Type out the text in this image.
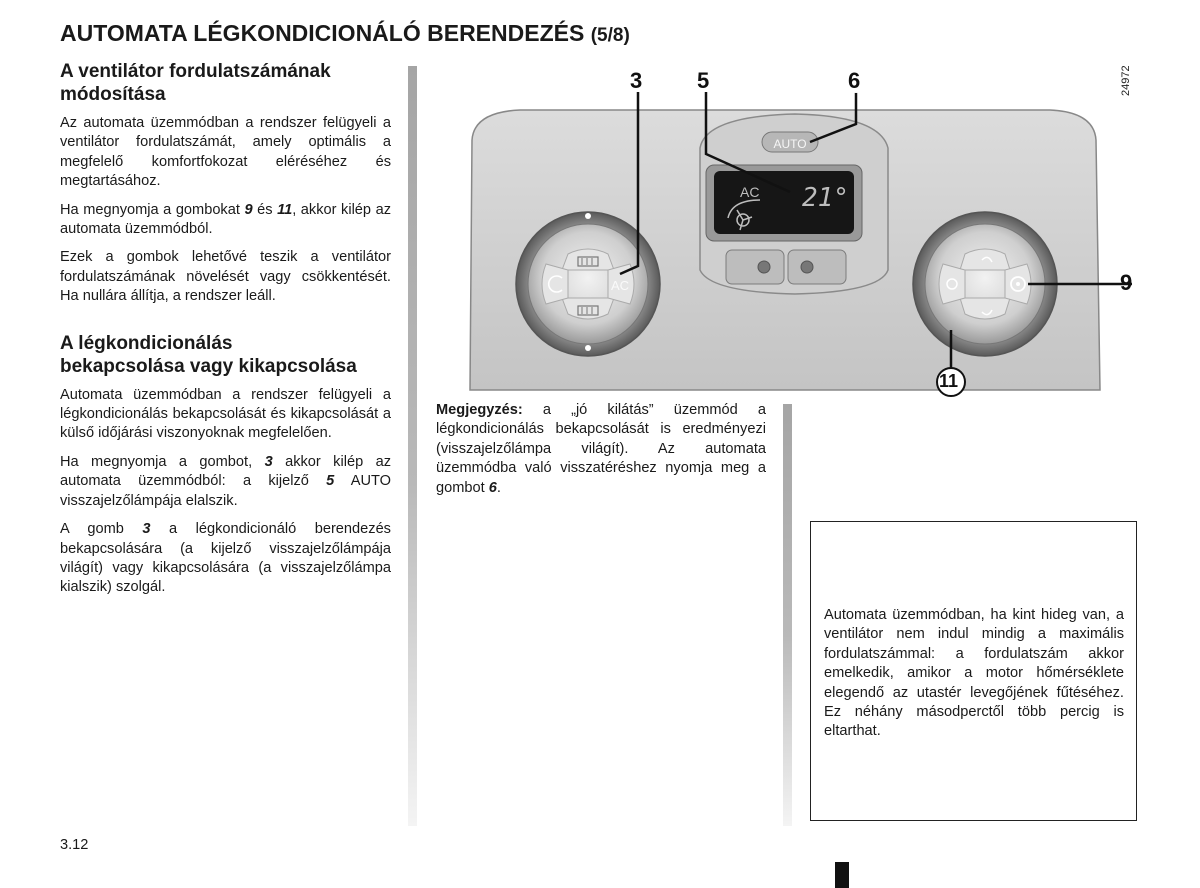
AUTOMATA LÉGKONDICIONÁLÓ BERENDEZÉS (5/8)
A ventilátor fordulatszámának
módosítása

Az automata üzemmódban a rendszer felügyeli a ventilátor fordulatszámát, amely optimális a megfelelő komfortfokozat eléréséhez és megtartásához.

Ha megnyomja a gombokat 9 és 11, akkor kilép az automata üzemmódból.

Ezek a gombok lehetővé teszik a ventilátor fordulatszámának növelését vagy csökkentését. Ha nullára állítja, a rendszer leáll.

A légkondicionálás
bekapcsolása vagy kikapcsolása

Automata üzemmódban a rendszer felügyeli a légkondicionálás bekapcsolását és kikapcsolását a külső időjárási viszonyoknak megfelelően.

Ha megnyomja a gombot, 3 akkor kilép az automata üzemmódból: a kijelző 5 AUTO visszajelzőlámpája elalszik.

A gomb 3 a légkondicionáló berendezés bekapcsolására (a kijelző visszajelzőlámpája világít) vagy kikapcsolására (a visszajelzőlámpa kialszik) szolgál.

AUTO
AC 21°
AC
3 5	6
9
11
24972
Megjegyzés: a „jó kilátás” üzemmód a légkondicionálás bekapcsolását is eredményezi (visszajelzőlámpa világít). Az automata üzemmódba való visszatéréshez nyomja meg a gombot 6.

Automata üzemmódban, ha kint hideg van, a ventilátor nem indul mindig a maximális fordulatszámmal: a fordulatszám akkor emelkedik, amikor a motor hőmérséklete elegendő az utastér levegőjének fűtéséhez. Ez néhány másodperctől több percig is eltarthat.

3.12
